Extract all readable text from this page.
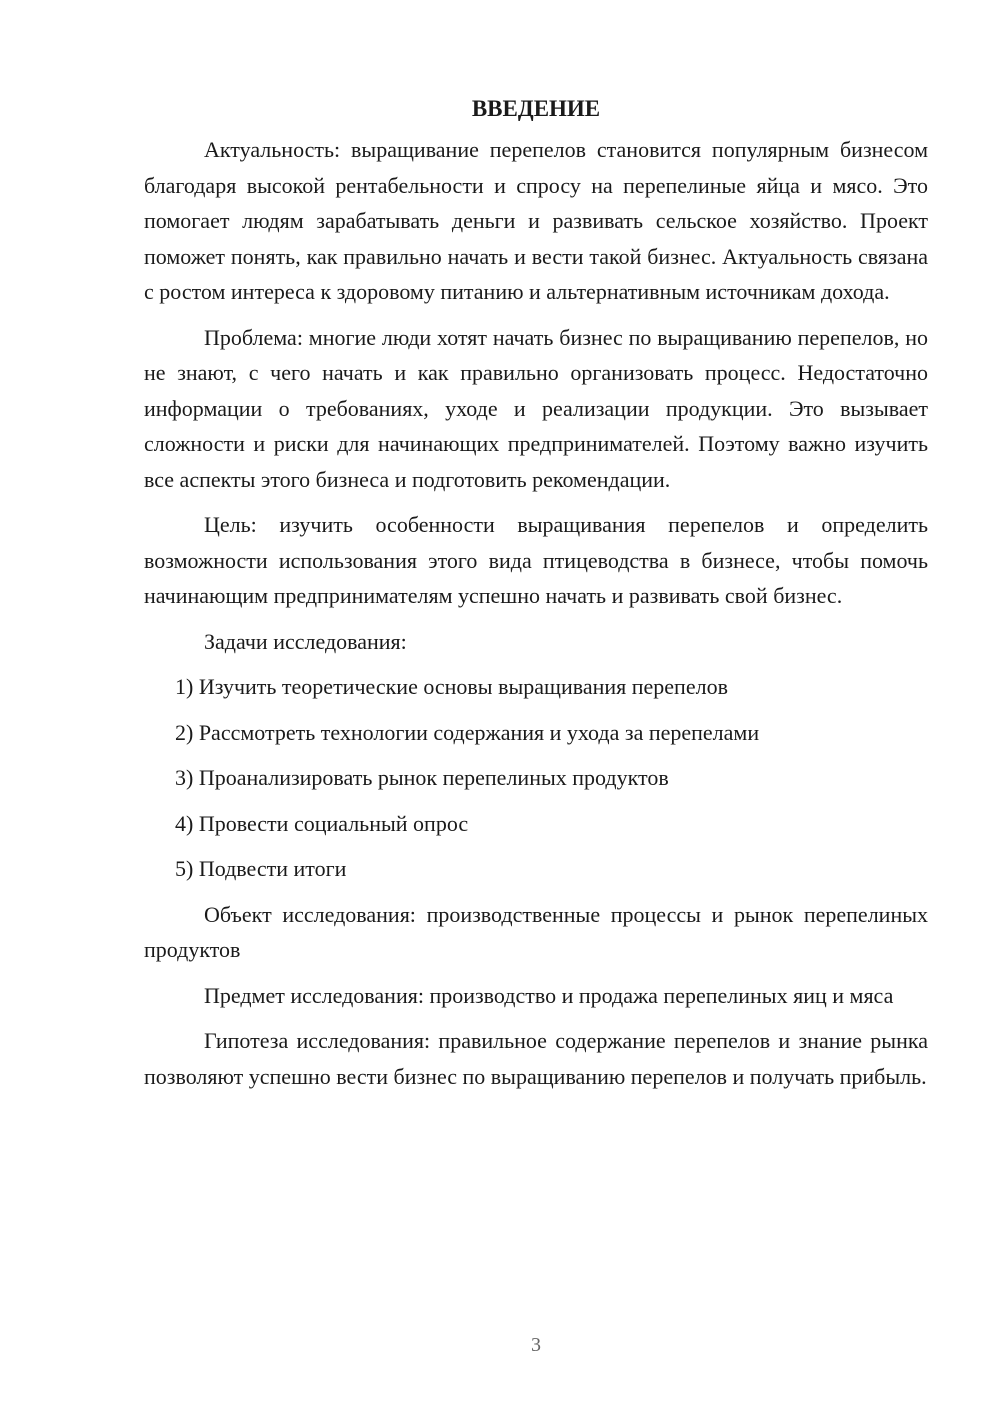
ВВЕДЕНИЕ

Актуальность: выращивание перепелов становится популярным бизнесом благодаря высокой рентабельности и спросу на перепелиные яйца и мясо. Это помогает людям зарабатывать деньги и развивать сельское хозяйство. Проект поможет понять, как правильно начать и вести такой бизнес. Актуальность связана с ростом интереса к здоровому питанию и альтернативным источникам дохода.

Проблема: многие люди хотят начать бизнес по выращиванию перепелов, но не знают, с чего начать и как правильно организовать процесс. Недостаточно информации о требованиях, уходе и реализации продукции. Это вызывает сложности и риски для начинающих предпринимателей. Поэтому важно изучить все аспекты этого бизнеса и подготовить рекомендации.

Цель: изучить особенности выращивания перепелов и определить возможности использования этого вида птицеводства в бизнесе, чтобы помочь начинающим предпринимателям успешно начать и развивать свой бизнес.

Задачи исследования:

1) Изучить теоретические основы выращивания перепелов
2) Рассмотреть технологии содержания и ухода за перепелами
3) Проанализировать рынок перепелиных продуктов
4) Провести социальный опрос
5) Подвести итоги

Объект исследования: производственные процессы и рынок перепелиных продуктов

Предмет исследования: производство и продажа перепелиных яиц и мяса

Гипотеза исследования: правильное содержание перепелов и знание рынка позволяют успешно вести бизнес по выращиванию перепелов и получать прибыль.

3
